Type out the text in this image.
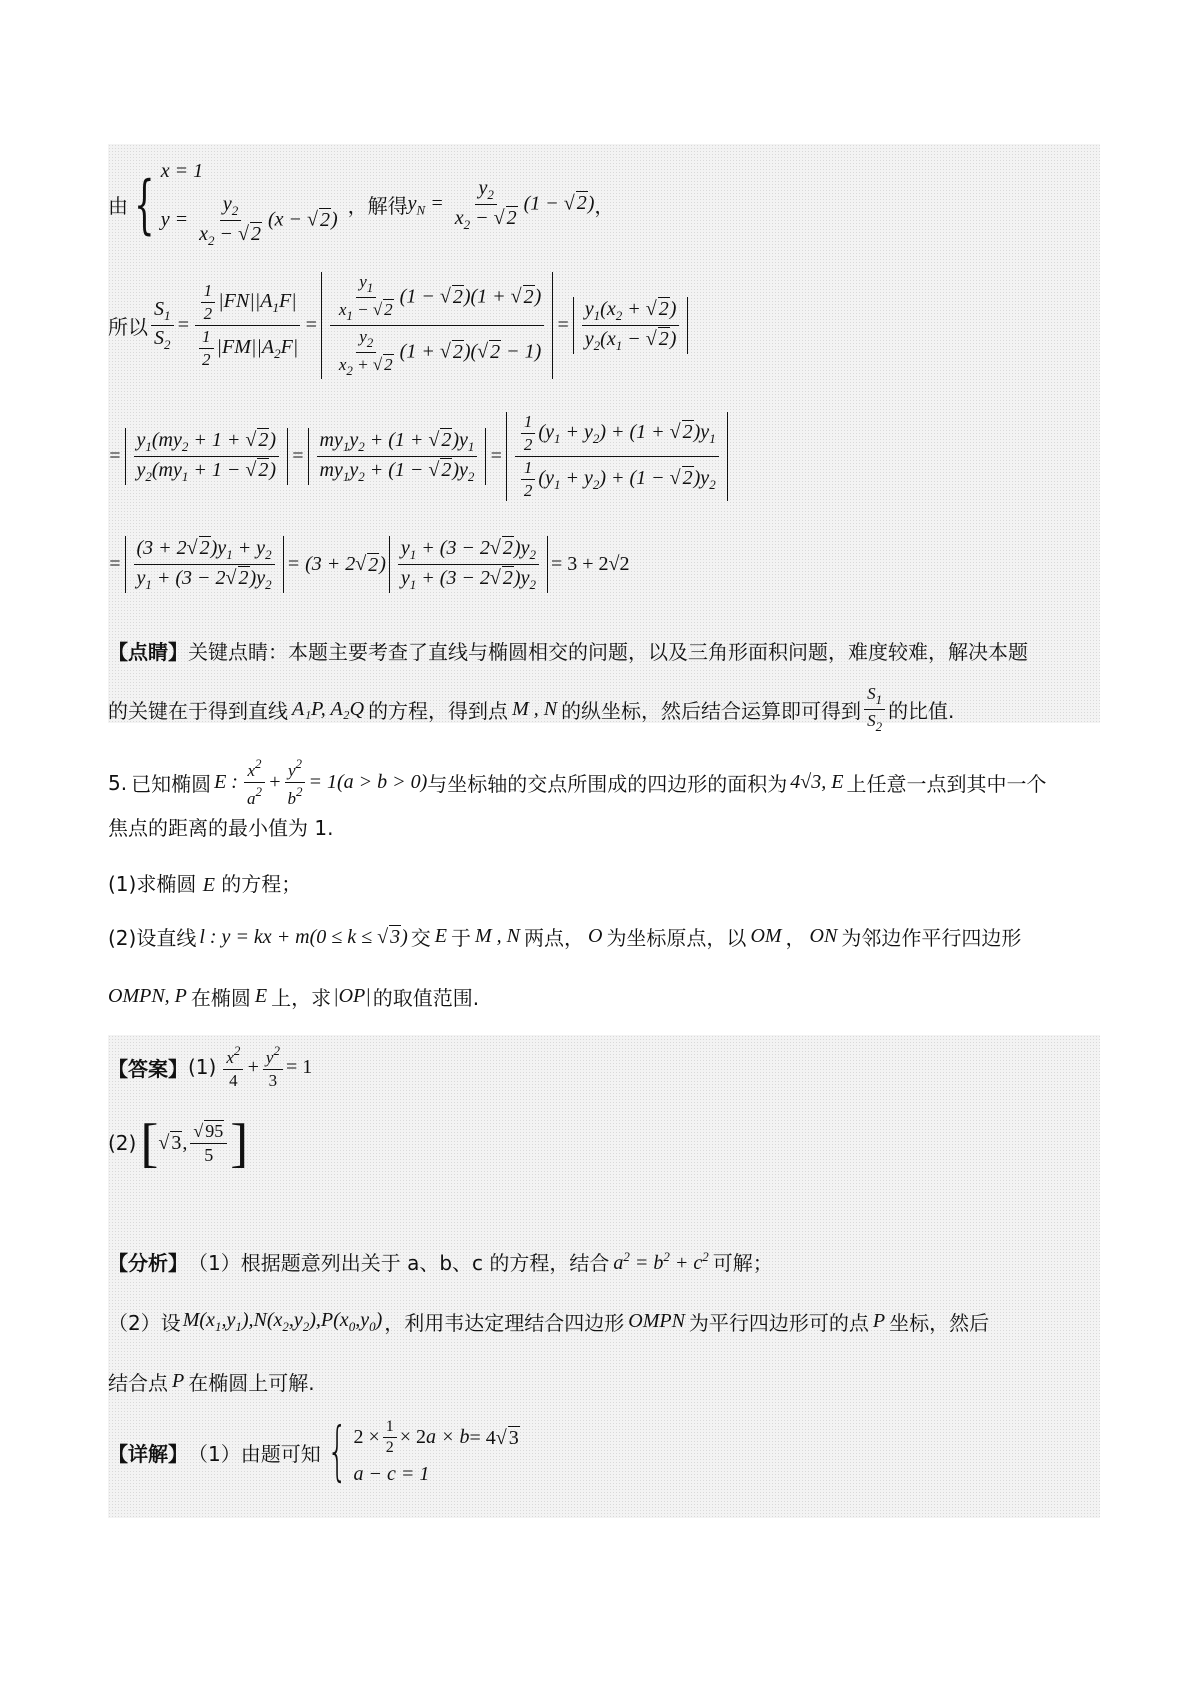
由 { x = 1
$y = \frac{y_2}{x_2 - √ 2} (x$ − √ 2)
，解得 $y_N = \frac{y_2}{x_2 - √ 2} (1$ − √ 2) ，
所以 $\frac{S_1}{S_2} = \frac{\frac{1}{2} |FN||A_1F|}{\frac{1}{2} |FM||A_2F|} = \frac{\frac{y_1}{x_1 - √ 2} (1 - √ 2)(1 + √ 2)}{\frac{y_2}{x_2 + √ 2} (1 + √ 2)(√ 2 - 1)} = \frac{y_1(x_2 + √ 2)}{y_2(x_1 - √ 2)}$
= $\frac{y_1(my_2 + 1 + √ 2)}{y_2(my_1 + 1 - √ 2)} = \frac{my_1y_2 + (1 + √ 2)y_1}{my_1y_2 + (1 - √ 2)y_2} = \frac{\frac{1}{2} (y_1 + y_2) + (1 + √ 2)y_1}{\frac{1}{2} (y_1 + y_2) + (1 - √ 2)y_2}$
= $\frac{(3 + 2√ 2)y_1 + y_2}{y_1 + (3 - 2√ 2)y_2} = (3 + 2√$ 2 ) $\frac{y_1 + (3 - 2√ 2)y_2}{y_1 + (3 - 2√ 2)y_2} = 3 + 2√2$
【点睛】关键点睛：本题主要考查了直线与椭圆相交的问题，以及三角形面积问题，难度较难，解决本题
的关键在于得到直线 A₁P, A₂Q 的方程，得到点 M , N 的纵坐标，然后结合运算即可得到 $\frac{S_1}{S_2}$ 的比值.
5. 已知椭圆 E : $\frac{x^2}{a^2} + \frac{y^2}{b^2} = 1(a > b > 0)$ 与坐标轴的交点所围成的四边形的面积为 4√3, E 上任意一点到其中一个
焦点的距离的最小值为 1.
(1)求椭圆 E 的方程；
(2)设直线 l : y = kx + m(0 ≤ k ≤ √ 3) 交 E 于 M , N 两点， O 为坐标原点，以 OM ， ON 为邻边作平行四边形
OMPN, P 在椭圆 E 上，求 |OP| 的取值范围.
【答案】 $(1) \frac{x^2}{4} + \frac{y^2}{3} = 1$
(2) [ √ 3 , $\frac{√ 95}{5}$ ]
【分析】 （1）根据题意列出关于 a、b、c 的方程，结合 $a^2 = b^2 + c^2$ 可解；
（2）设 $M(x_1,y_1),N(x_2,y_2),P(x_0,y_0)$ ，利用韦达定理结合四边形 OMPN 为平行四边形可的点 P 坐标，然后
结合点 P 在椭圆上可解.
【详解】 （1）由题可知 { $2 \times \frac{1}{2} \times 2$ a × b = 4√ 3
a − c = 1
